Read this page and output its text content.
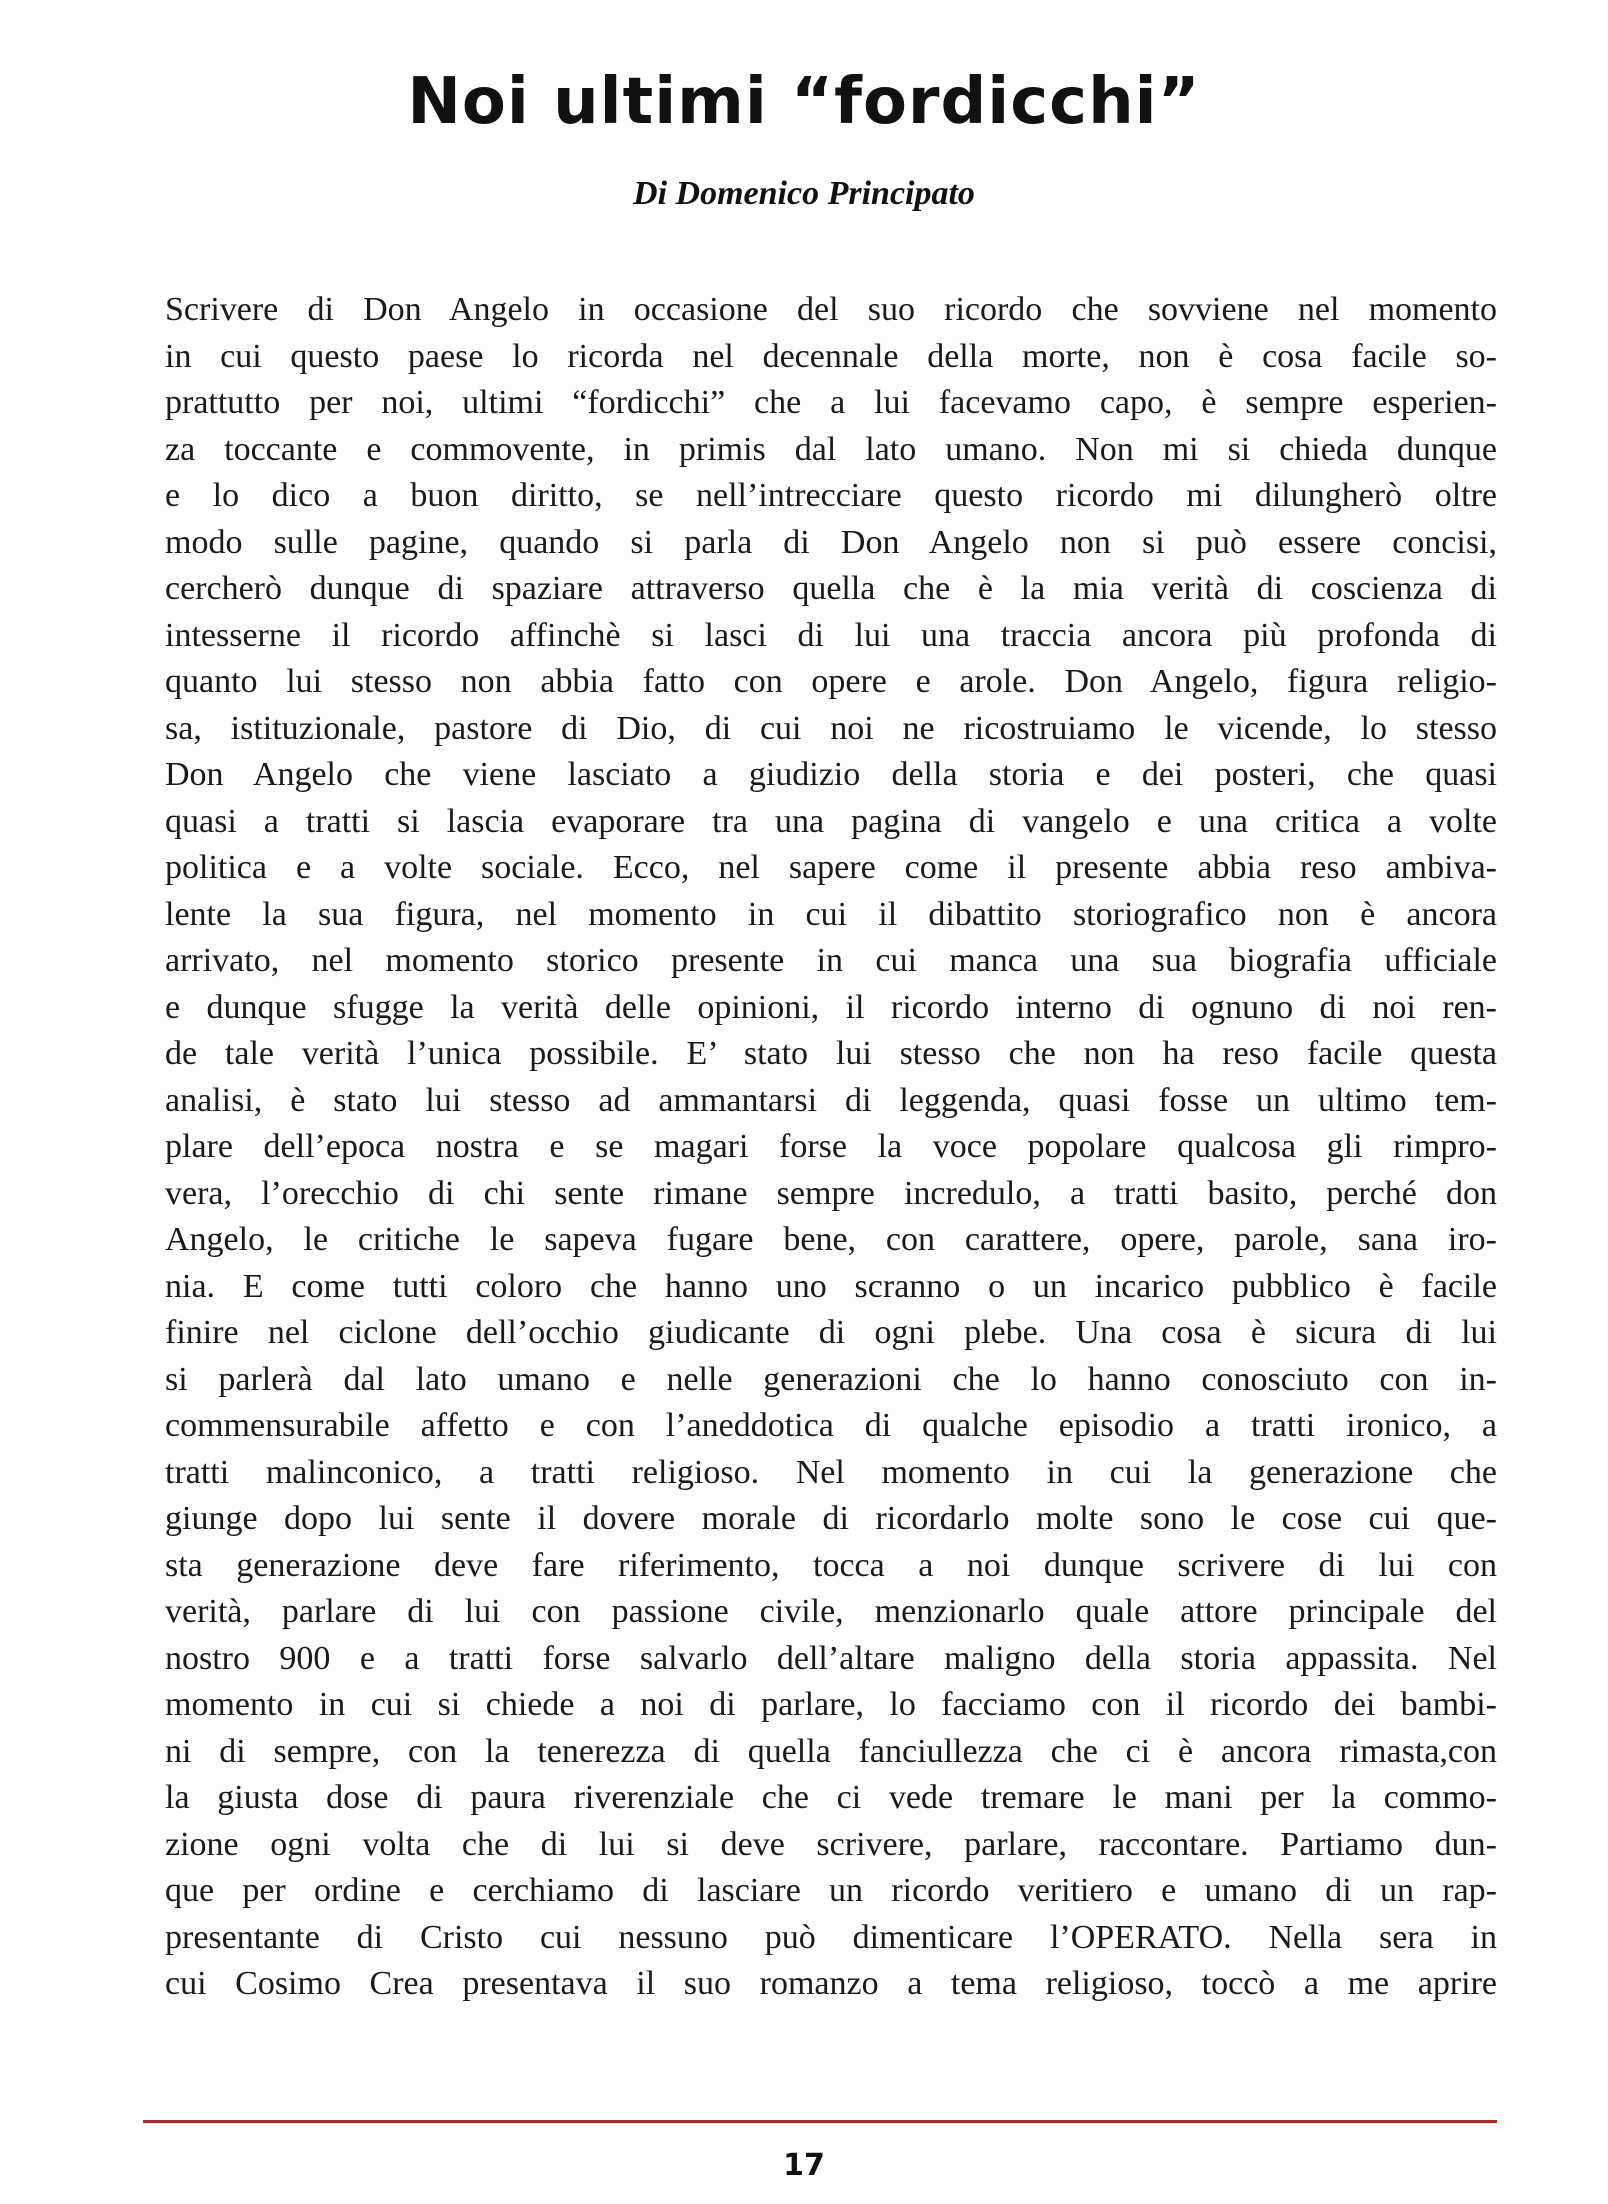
Noi ultimi “fordicchi”
Di Domenico Principato
Scrivere di Don Angelo in occasione del suo ricordo che sovviene nel momento
in cui questo paese lo ricorda nel decennale della morte, non è cosa facile so-
prattutto per noi, ultimi “fordicchi” che a lui facevamo capo, è sempre esperien-
za toccante e commovente, in primis dal lato umano. Non mi si chieda dunque
e lo dico a buon diritto, se nell’intrecciare questo ricordo mi dilungherò oltre
modo sulle pagine, quando si parla di Don Angelo non si può essere concisi,
cercherò dunque di spaziare attraverso quella che è la mia verità di coscienza di
intesserne il ricordo affinchè si lasci di lui una traccia ancora più profonda di
quanto lui stesso non abbia fatto con opere e arole. Don Angelo, figura religio-
sa, istituzionale, pastore di Dio, di cui noi ne ricostruiamo le vicende, lo stesso
Don Angelo che viene lasciato a giudizio della storia e dei posteri, che quasi
quasi a tratti si lascia evaporare tra una pagina di vangelo e una critica a volte
politica e a volte sociale. Ecco, nel sapere come il presente abbia reso ambiva-
lente la sua figura, nel momento in cui il dibattito storiografico non è ancora
arrivato, nel momento storico presente in cui manca una sua biografia ufficiale
e dunque sfugge la verità delle opinioni, il ricordo interno di ognuno di noi ren-
de tale verità l’unica possibile. E’ stato lui stesso che non ha reso facile questa
analisi, è stato lui stesso ad ammantarsi di leggenda, quasi fosse un ultimo tem-
plare dell’epoca nostra e se magari forse la voce popolare qualcosa gli rimpro-
vera, l’orecchio di chi sente rimane sempre incredulo, a tratti basito, perché don
Angelo, le critiche le sapeva fugare bene, con carattere, opere, parole, sana iro-
nia. E come tutti coloro che hanno uno scranno o un incarico pubblico è facile
finire nel ciclone dell’occhio giudicante di ogni plebe. Una cosa è sicura di lui
si parlerà dal lato umano e nelle generazioni che lo hanno conosciuto con in-
commensurabile affetto e con l’aneddotica di qualche episodio a tratti ironico, a
tratti malinconico, a tratti religioso. Nel momento in cui la generazione che
giunge dopo lui sente il dovere morale di ricordarlo molte sono le cose cui que-
sta generazione deve fare riferimento, tocca a noi dunque scrivere di lui con
verità, parlare di lui con passione civile, menzionarlo quale attore principale del
nostro 900 e a tratti forse salvarlo dell’altare maligno della storia appassita. Nel
momento in cui si chiede a noi di parlare, lo facciamo con il ricordo dei bambi-
ni di sempre, con la tenerezza di quella fanciullezza che ci è ancora rimasta,con
la giusta dose di paura riverenziale che ci vede tremare le mani per la commo-
zione ogni volta che di lui si deve scrivere, parlare, raccontare. Partiamo dun-
que per ordine e cerchiamo di lasciare un ricordo veritiero e umano di un rap-
presentante di Cristo cui nessuno può dimenticare l’OPERATO. Nella sera in
cui Cosimo Crea presentava il suo romanzo a tema religioso, toccò a me aprire
17
